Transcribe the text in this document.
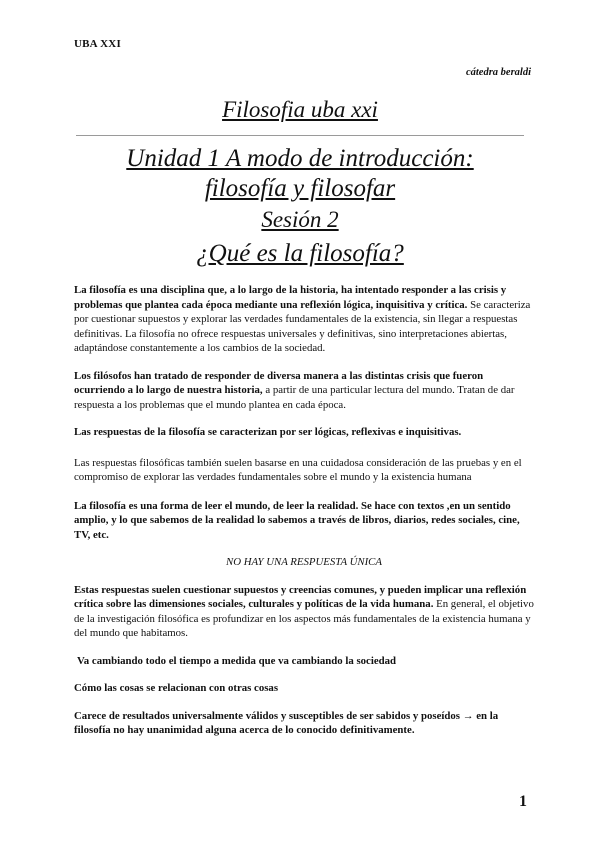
UBA XXI
cátedra beraldi
Filosofia uba xxi
Unidad 1 A modo de introducción:
filosofía y filosofar
Sesión 2
¿Qué es la filosofía?

La filosofía es una disciplina que, a lo largo de la historia, ha intentado responder a las crisis y problemas que plantea cada época mediante una reflexión lógica, inquisitiva y crítica. Se caracteriza por cuestionar supuestos y explorar las verdades fundamentales de la existencia, sin llegar a respuestas definitivas. La filosofía no ofrece respuestas universales y definitivas, sino interpretaciones abiertas, adaptándose constantemente a los cambios de la sociedad.

Los filósofos han tratado de responder de diversa manera a las distintas crisis que fueron ocurriendo a lo largo de nuestra historia, a partir de una particular lectura del mundo. Tratan de dar respuesta a los problemas que el mundo plantea en cada época.

Las respuestas de la filosofía se caracterizan por ser lógicas, reflexivas e inquisitivas.

Las respuestas filosóficas también suelen basarse en una cuidadosa consideración de las pruebas y en el compromiso de explorar las verdades fundamentales sobre el mundo y la existencia humana

La filosofía es una forma de leer el mundo, de leer la realidad. Se hace con textos ,en un sentido amplio, y lo que sabemos de la realidad lo sabemos a través de libros, diarios, redes sociales, cine, TV, etc.

NO HAY UNA RESPUESTA ÚNICA

Estas respuestas suelen cuestionar supuestos y creencias comunes, y pueden implicar una reflexión crítica sobre las dimensiones sociales, culturales y políticas de la vida humana. En general, el objetivo de la investigación filosófica es profundizar en los aspectos más fundamentales de la existencia humana y del mundo que habitamos.

Va cambiando todo el tiempo a medida que va cambiando la sociedad

Cómo las cosas se relacionan con otras cosas

Carece de resultados universalmente válidos y susceptibles de ser sabidos y poseídos → en la filosofía no hay unanimidad alguna acerca de lo conocido definitivamente.

1
